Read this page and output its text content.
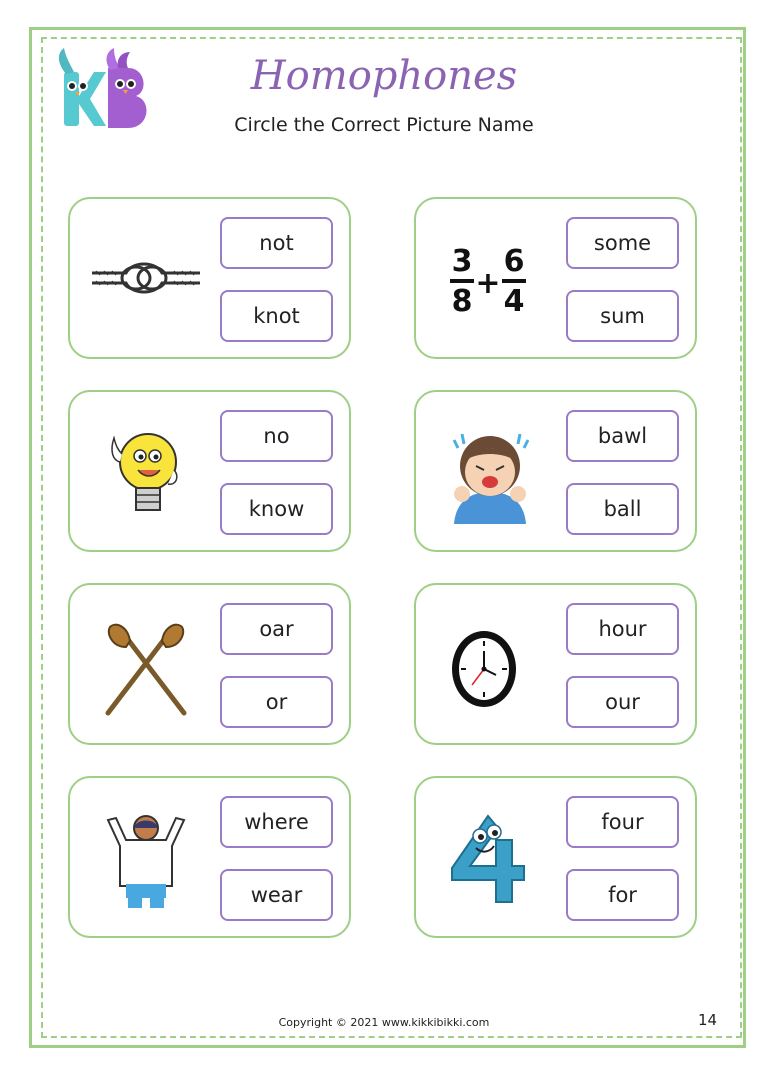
Homophones
Circle the Correct Picture Name
not
knot
3
8
+
6
4
some
sum
no
know
bawl
ball
oar
or
hour
our
where
wear
four
for
Copyright © 2021 www.kikkibikki.com	14
